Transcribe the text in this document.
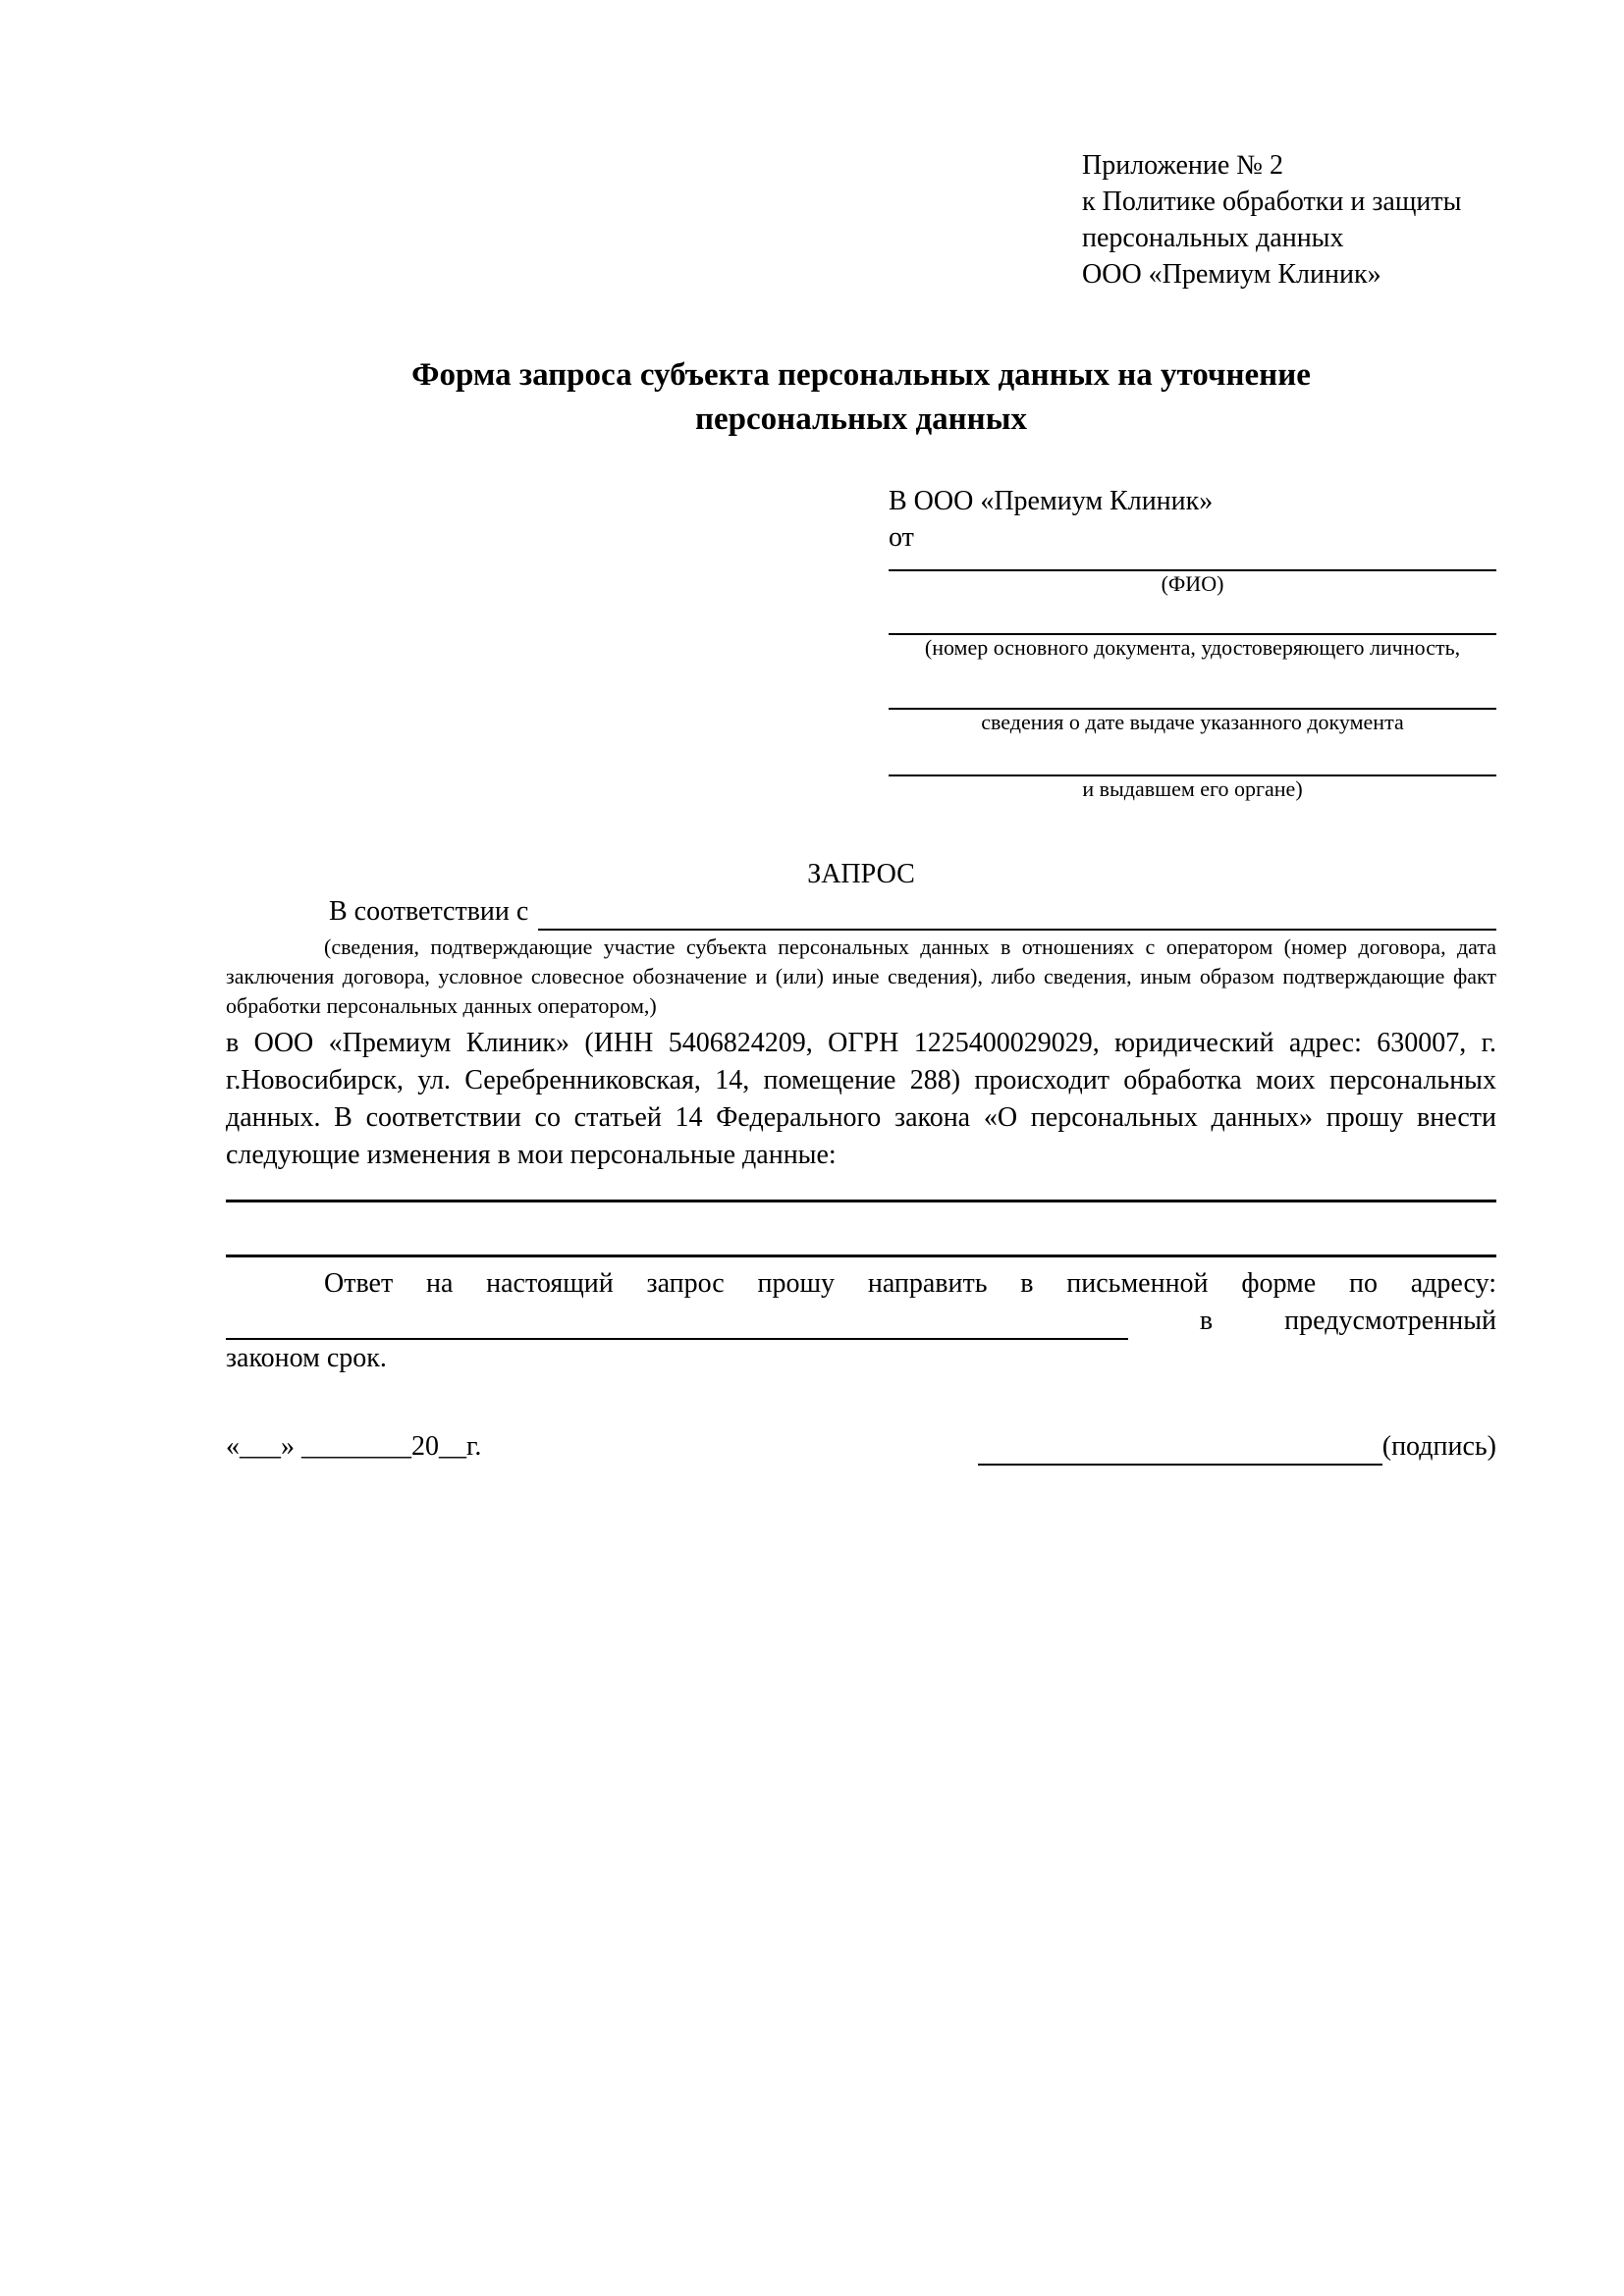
Приложение № 2
к Политике обработки и защиты
персональных данных
ООО «Премиум Клиник»
Форма запроса субъекта персональных данных на уточнение
персональных данных
В ООО «Премиум Клиник»
от
(ФИО)
(номер основного документа, удостоверяющего личность,
сведения о дате выдаче указанного документа
и выдавшем его органе)
ЗАПРОС
В соответствии с
(сведения, подтверждающие участие субъекта персональных данных в отношениях с оператором (номер договора, дата заключения договора, условное словесное обозначение и (или) иные сведения), либо сведения, иным образом подтверждающие факт обработки персональных данных оператором,)
в ООО «Премиум Клиник» (ИНН 5406824209, ОГРН 1225400029029, юридический адрес: 630007, г. г.Новосибирск, ул. Серебренниковская, 14, помещение 288) происходит обработка моих персональных данных. В соответствии со статьей 14 Федерального закона «О персональных данных» прошу внести следующие изменения в мои персональные данные:
Ответ на настоящий запрос прошу направить в письменной форме по адресу:
в	предусмотренный
законом срок.
«___» ________20__г.	(подпись)
